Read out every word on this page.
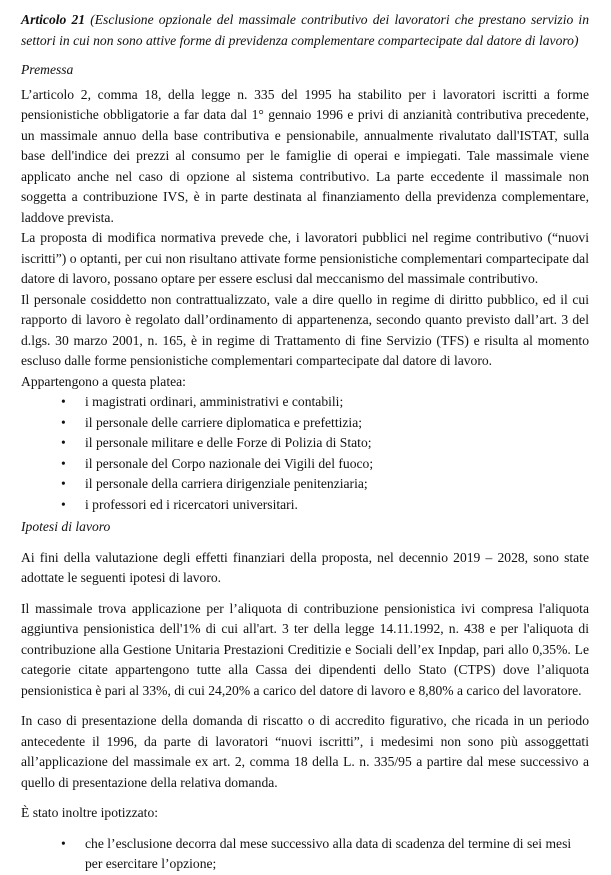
Articolo 21 (Esclusione opzionale del massimale contributivo dei lavoratori che prestano servizio in settori in cui non sono attive forme di previdenza complementare compartecipate dal datore di lavoro)

Premessa

L’articolo 2, comma 18, della legge n. 335 del 1995 ha stabilito per i lavoratori iscritti a forme pensionistiche obbligatorie a far data dal 1° gennaio 1996 e privi di anzianità contributiva precedente, un massimale annuo della base contributiva e pensionabile, annualmente rivalutato dall'ISTAT, sulla base dell'indice dei prezzi al consumo per le famiglie di operai e impiegati. Tale massimale viene applicato anche nel caso di opzione al sistema contributivo. La parte eccedente il massimale non soggetta a contribuzione IVS, è in parte destinata al finanziamento della previdenza complementare, laddove prevista.

La proposta di modifica normativa prevede che, i lavoratori pubblici nel regime contributivo (“nuovi iscritti”) o optanti, per cui non risultano attivate forme pensionistiche complementari compartecipate dal datore di lavoro, possano optare per essere esclusi dal meccanismo del massimale contributivo.

Il personale cosiddetto non contrattualizzato, vale a dire quello in regime di diritto pubblico, ed il cui rapporto di lavoro è regolato dall’ordinamento di appartenenza, secondo quanto previsto dall’art. 3 del d.lgs. 30 marzo 2001, n. 165, è in regime di Trattamento di fine Servizio (TFS) e risulta al momento escluso dalle forme pensionistiche complementari compartecipate dal datore di lavoro.

Appartengono a questa platea:

• i magistrati ordinari, amministrativi e contabili;
• il personale delle carriere diplomatica e prefettizia;
• il personale militare e delle Forze di Polizia di Stato;
• il personale del Corpo nazionale dei Vigili del fuoco;
• il personale della carriera dirigenziale penitenziaria;
• i professori ed i ricercatori universitari.

Ipotesi di lavoro

Ai fini della valutazione degli effetti finanziari della proposta, nel decennio 2019 – 2028, sono state adottate le seguenti ipotesi di lavoro.

Il massimale trova applicazione per l’aliquota di contribuzione pensionistica ivi compresa l'aliquota aggiuntiva pensionistica dell'1% di cui all'art. 3 ter della legge 14.11.1992, n. 438 e per l'aliquota di contribuzione alla Gestione Unitaria Prestazioni Creditizie e Sociali dell’ex Inpdap, pari allo 0,35%. Le categorie citate appartengono tutte alla Cassa dei dipendenti dello Stato (CTPS) dove l’aliquota pensionistica è pari al 33%, di cui 24,20% a carico del datore di lavoro e 8,80% a carico del lavoratore.

In caso di presentazione della domanda di riscatto o di accredito figurativo, che ricada in un periodo antecedente il 1996, da parte di lavoratori “nuovi iscritti”, i medesimi non sono più assoggettati all’applicazione del massimale ex art. 2, comma 18 della L. n. 335/95 a partire dal mese successivo a quello di presentazione della relativa domanda.

È stato inoltre ipotizzato:

• che l’esclusione decorra dal mese successivo alla data di scadenza del termine di sei mesi per esercitare l’opzione;
